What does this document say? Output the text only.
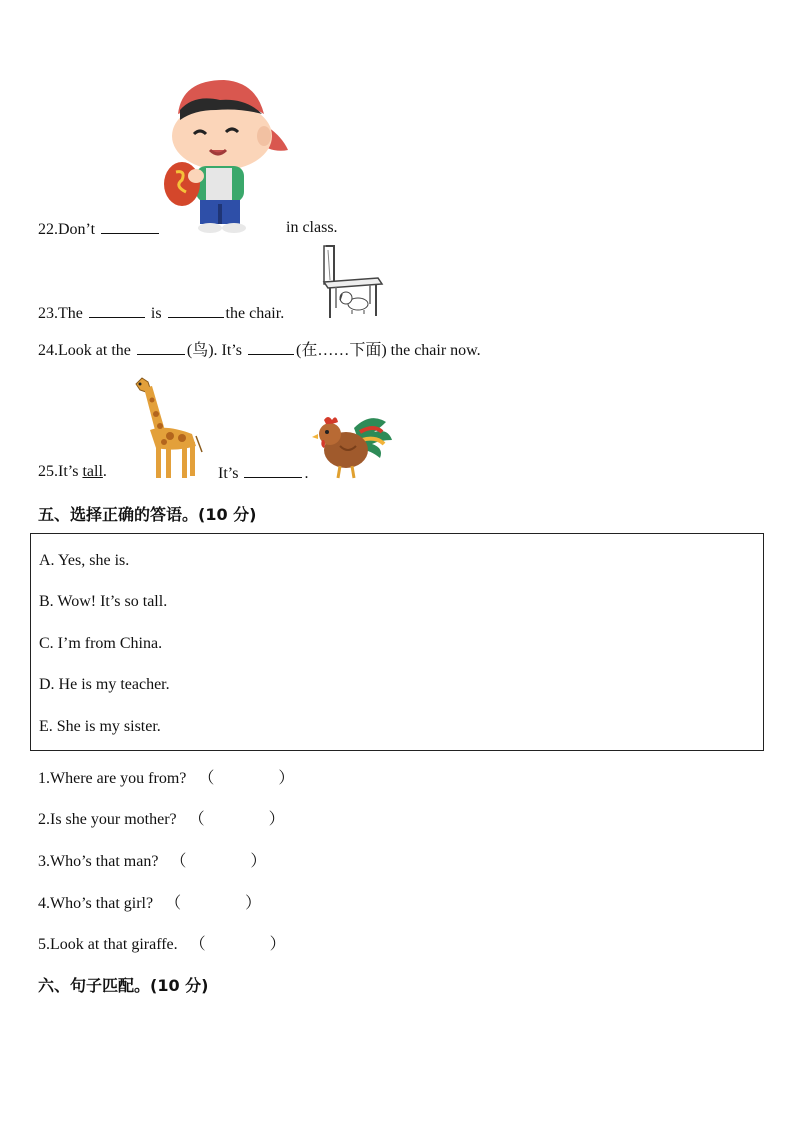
22.Don’t	in class.
23.The	is	the chair.
24.Look at the	(鸟). It’s	(在……下面) the chair now.
25.It’s tall.	It’s	.
五、选择正确的答语。(10 分)
A. Yes, she is.
B. Wow! It’s so tall.
C. I’m from China.
D. He is my teacher.
E. She is my sister.
1.Where are you from? （　　　　）
2.Is she your mother? （　　　　）
3.Who’s that man? （　　　　）
4.Who’s that girl? （　　　　）
5.Look at that giraffe. （　　　　）
六、句子匹配。(10 分)
